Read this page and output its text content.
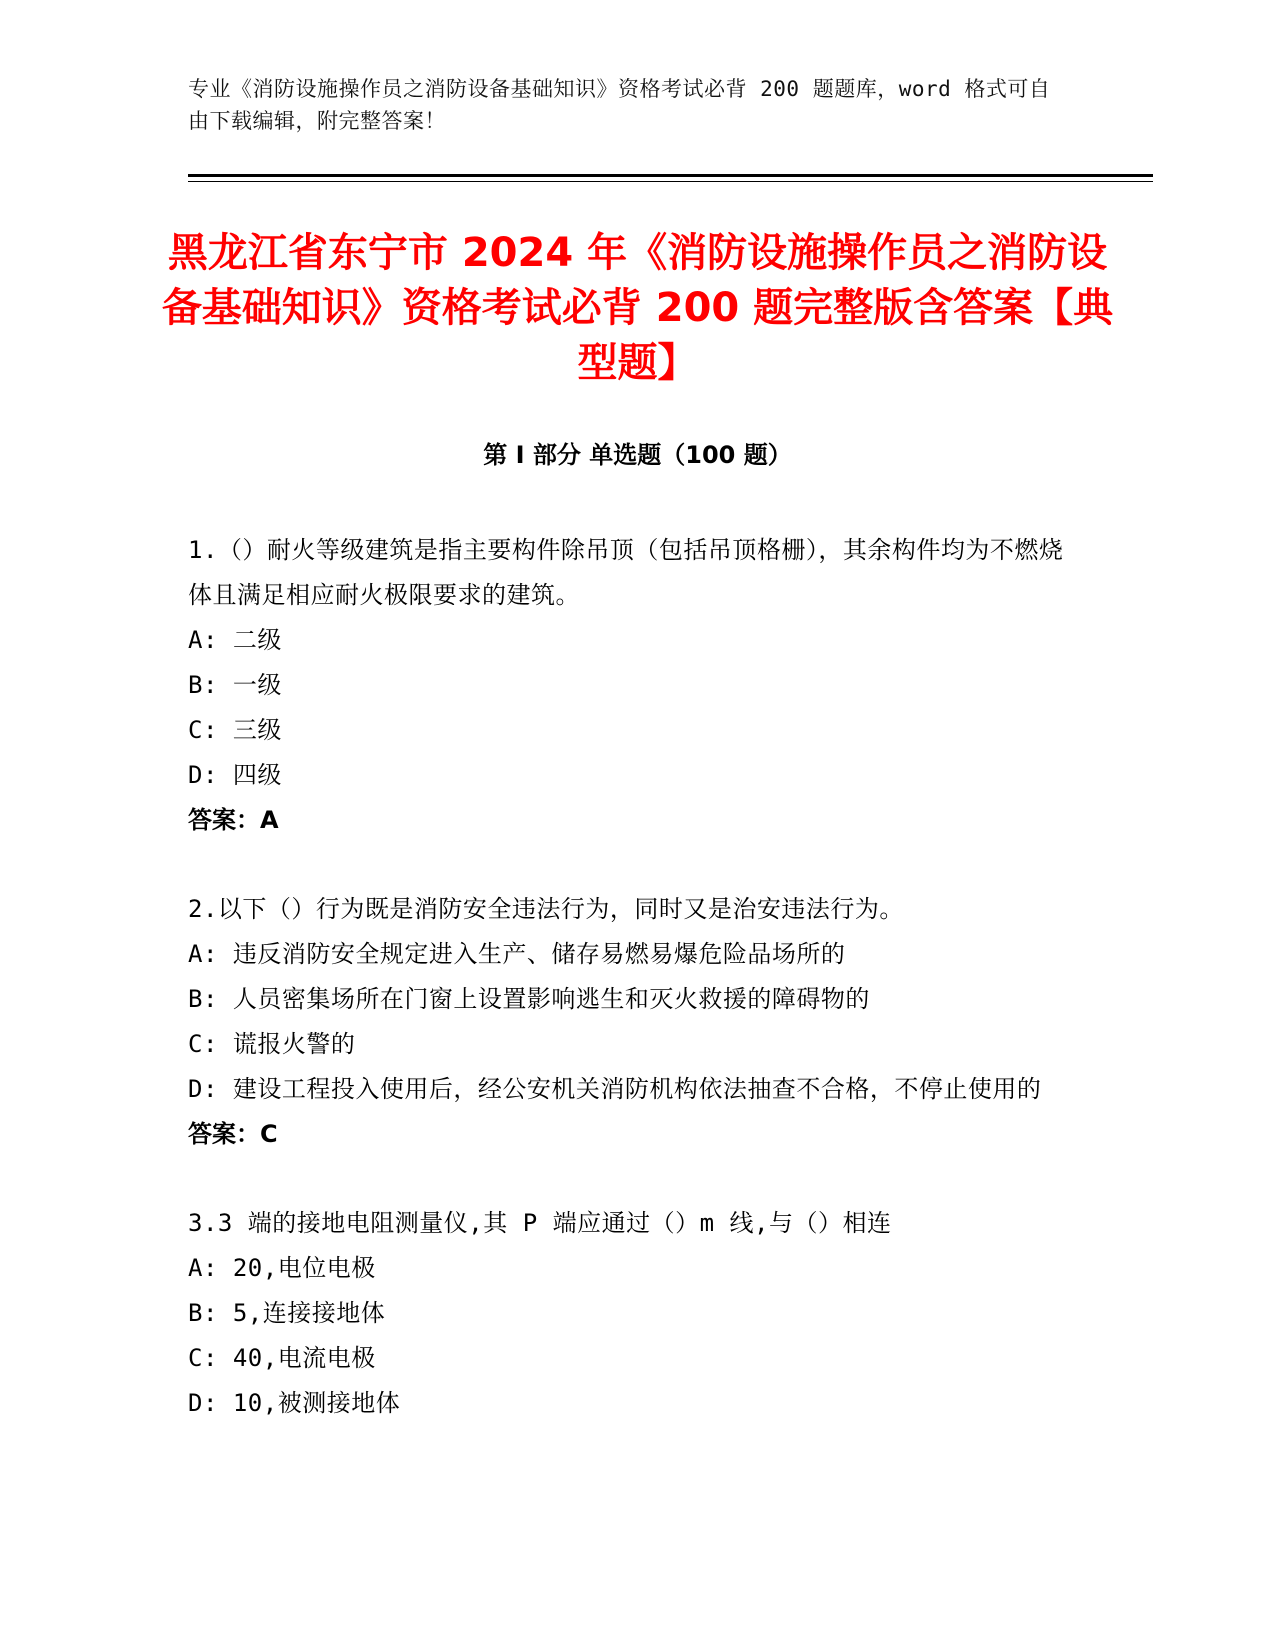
专业《消防设施操作员之消防设备基础知识》资格考试必背 200 题题库，word 格式可自由下载编辑，附完整答案！
黑龙江省东宁市 2024 年《消防设施操作员之消防设备基础知识》资格考试必背 200 题完整版含答案【典型题】
第 I 部分 单选题（100 题）
1.（）耐火等级建筑是指主要构件除吊顶（包括吊顶格栅），其余构件均为不燃烧体且满足相应耐火极限要求的建筑。
A: 二级
B: 一级
C: 三级
D: 四级
答案：A
2.以下（）行为既是消防安全违法行为，同时又是治安违法行为。
A: 违反消防安全规定进入生产、储存易燃易爆危险品场所的
B: 人员密集场所在门窗上设置影响逃生和灭火救援的障碍物的
C: 谎报火警的
D: 建设工程投入使用后，经公安机关消防机构依法抽查不合格，不停止使用的
答案：C
3.3 端的接地电阻测量仪,其 P 端应通过（）m 线,与（）相连
A: 20,电位电极
B: 5,连接接地体
C: 40,电流电极
D: 10,被测接地体
